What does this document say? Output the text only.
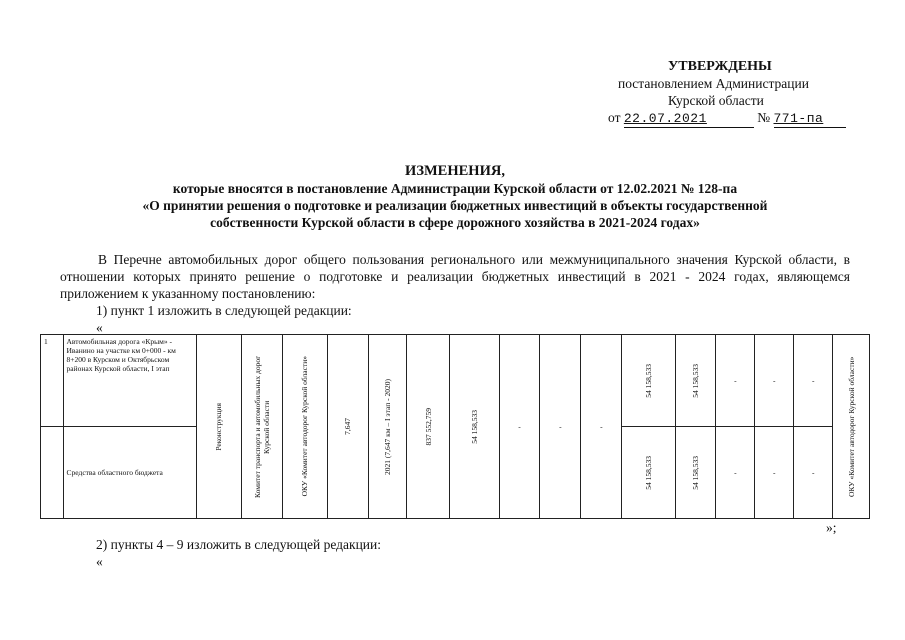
УТВЕРЖДЕНЫ
постановлением Администрации
Курской области
от 22.07.2021	№ 771-па
ИЗМЕНЕНИЯ,
которые вносятся в постановление Администрации Курской области от 12.02.2021 № 128-па
«О принятии решения о подготовке и реализации бюджетных инвестиций в объекты государственной
собственности Курской области в сфере дорожного хозяйства в 2021-2024 годах»
В Перечне автомобильных дорог общего пользования регионального или межмуниципального значения Курской области, в отношении которых принято решение о подготовке и реализации бюджетных инвестиций в 2021 - 2024 годах, являющемся приложением к указанному постановлению:
1) пункт 1 изложить в следующей редакции:
«
1	Автомобильная дорога «Крым» - Иванино на участке км 0+000 - км 8+200 в Курском и Октябрьском районах Курской области, I этап	Реконструкция	Комитет транспорта и автомобильных дорог Курской области	ОКУ «Комитет автодорог Курской области»	7,647	2021 (7,647 км – I этап - 2020)	837 552,759	54 158,533	-	-	-	54 158,533	54 158,533	-	-	-	ОКУ «Комитет автодорог Курской области»

	Средства областного бюджета											54 158,533	54 158,533	-	-	-	
»;
2) пункты 4 – 9 изложить в следующей редакции:
«
